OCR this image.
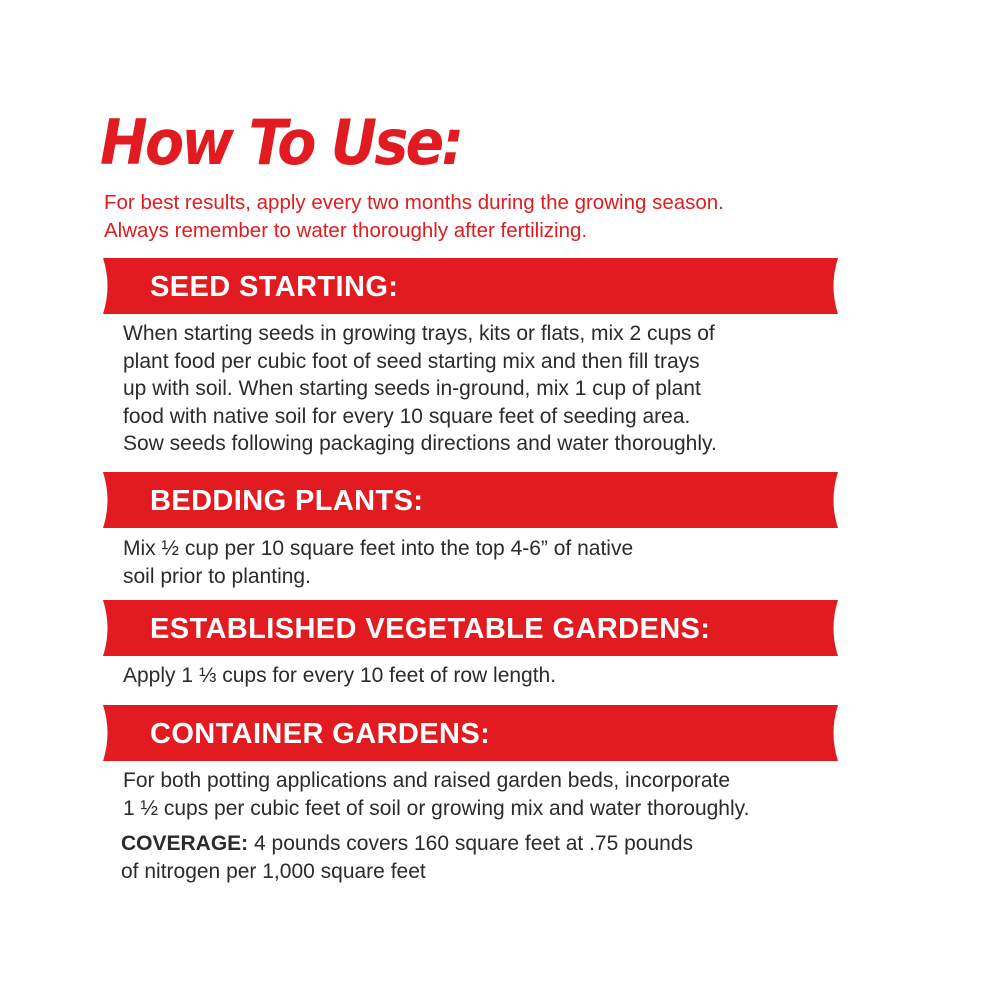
How To Use:
For best results, apply every two months during the growing season.
Always remember to water thoroughly after fertilizing.
SEED STARTING:
When starting seeds in growing trays, kits or flats, mix 2 cups of
plant food per cubic foot of seed starting mix and then fill trays
up with soil. When starting seeds in-ground, mix 1 cup of plant
food with native soil for every 10 square feet of seeding area.
Sow seeds following packaging directions and water thoroughly.
BEDDING PLANTS:
Mix ½ cup per 10 square feet into the top 4-6” of native
soil prior to planting.
ESTABLISHED VEGETABLE GARDENS:
Apply 1 ⅓ cups for every 10 feet of row length.
CONTAINER GARDENS:
For both potting applications and raised garden beds, incorporate
1 ½ cups per cubic feet of soil or growing mix and water thoroughly.
COVERAGE: 4 pounds covers 160 square feet at .75 pounds
of nitrogen per 1,000 square feet
